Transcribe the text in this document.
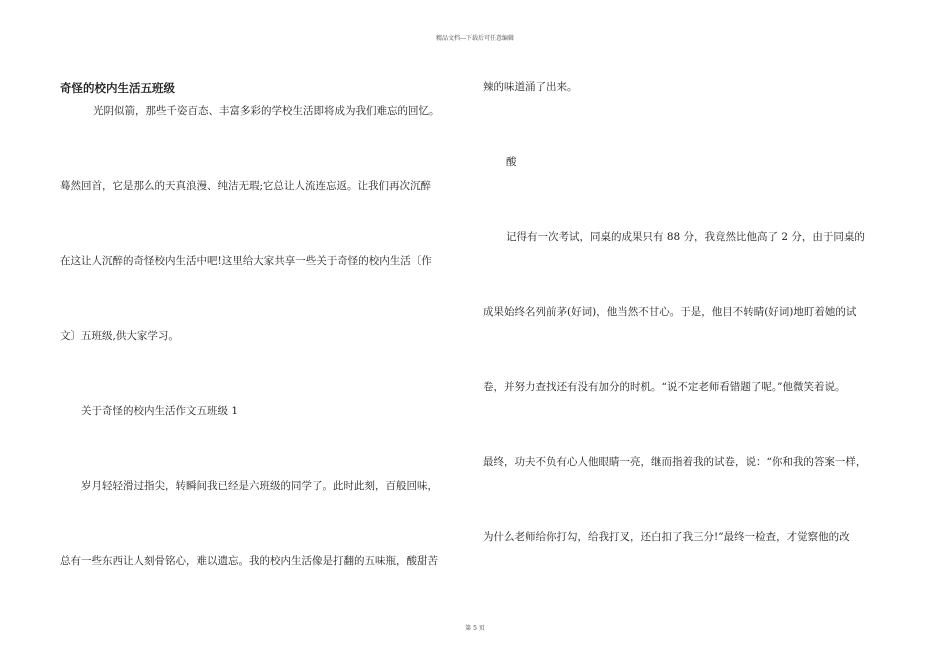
精品文档---下载后可任意编辑
奇怪的校内生活五班级
光阴似箭，那些千姿百态、丰富多彩的学校生活即将成为我们难忘的回忆。
蓦然回首，它是那么的天真浪漫、纯洁无瑕;它总让人流连忘返。让我们再次沉醉
在这让人沉醉的奇怪校内生活中吧!这里给大家共享一些关于奇怪的校内生活〔作
文〕五班级,供大家学习。
关于奇怪的校内生活作文五班级 1
岁月轻轻滑过指尖，转瞬间我已经是六班级的同学了。此时此刻，百般回味，
总有一些东西让人刻骨铭心，难以遗忘。我的校内生活像是打翻的五味瓶，酸甜苦
辣的味道涌了出来。
酸
记得有一次考试，同桌的成果只有 88 分，我竟然比他高了 2 分，由于同桌的
成果始终名列前茅(好词)，他当然不甘心。于是，他目不转睛(好词)地盯着她的试
卷，并努力查找还有没有加分的时机。“说不定老师看错题了呢。”他微笑着说。
最终，功夫不负有心人他眼睛一亮，继而指着我的试卷，说：“你和我的答案一样，
为什么老师给你打勾，给我打叉，还白扣了我三分!”最终一检查，才觉察他的改
第 5 页
